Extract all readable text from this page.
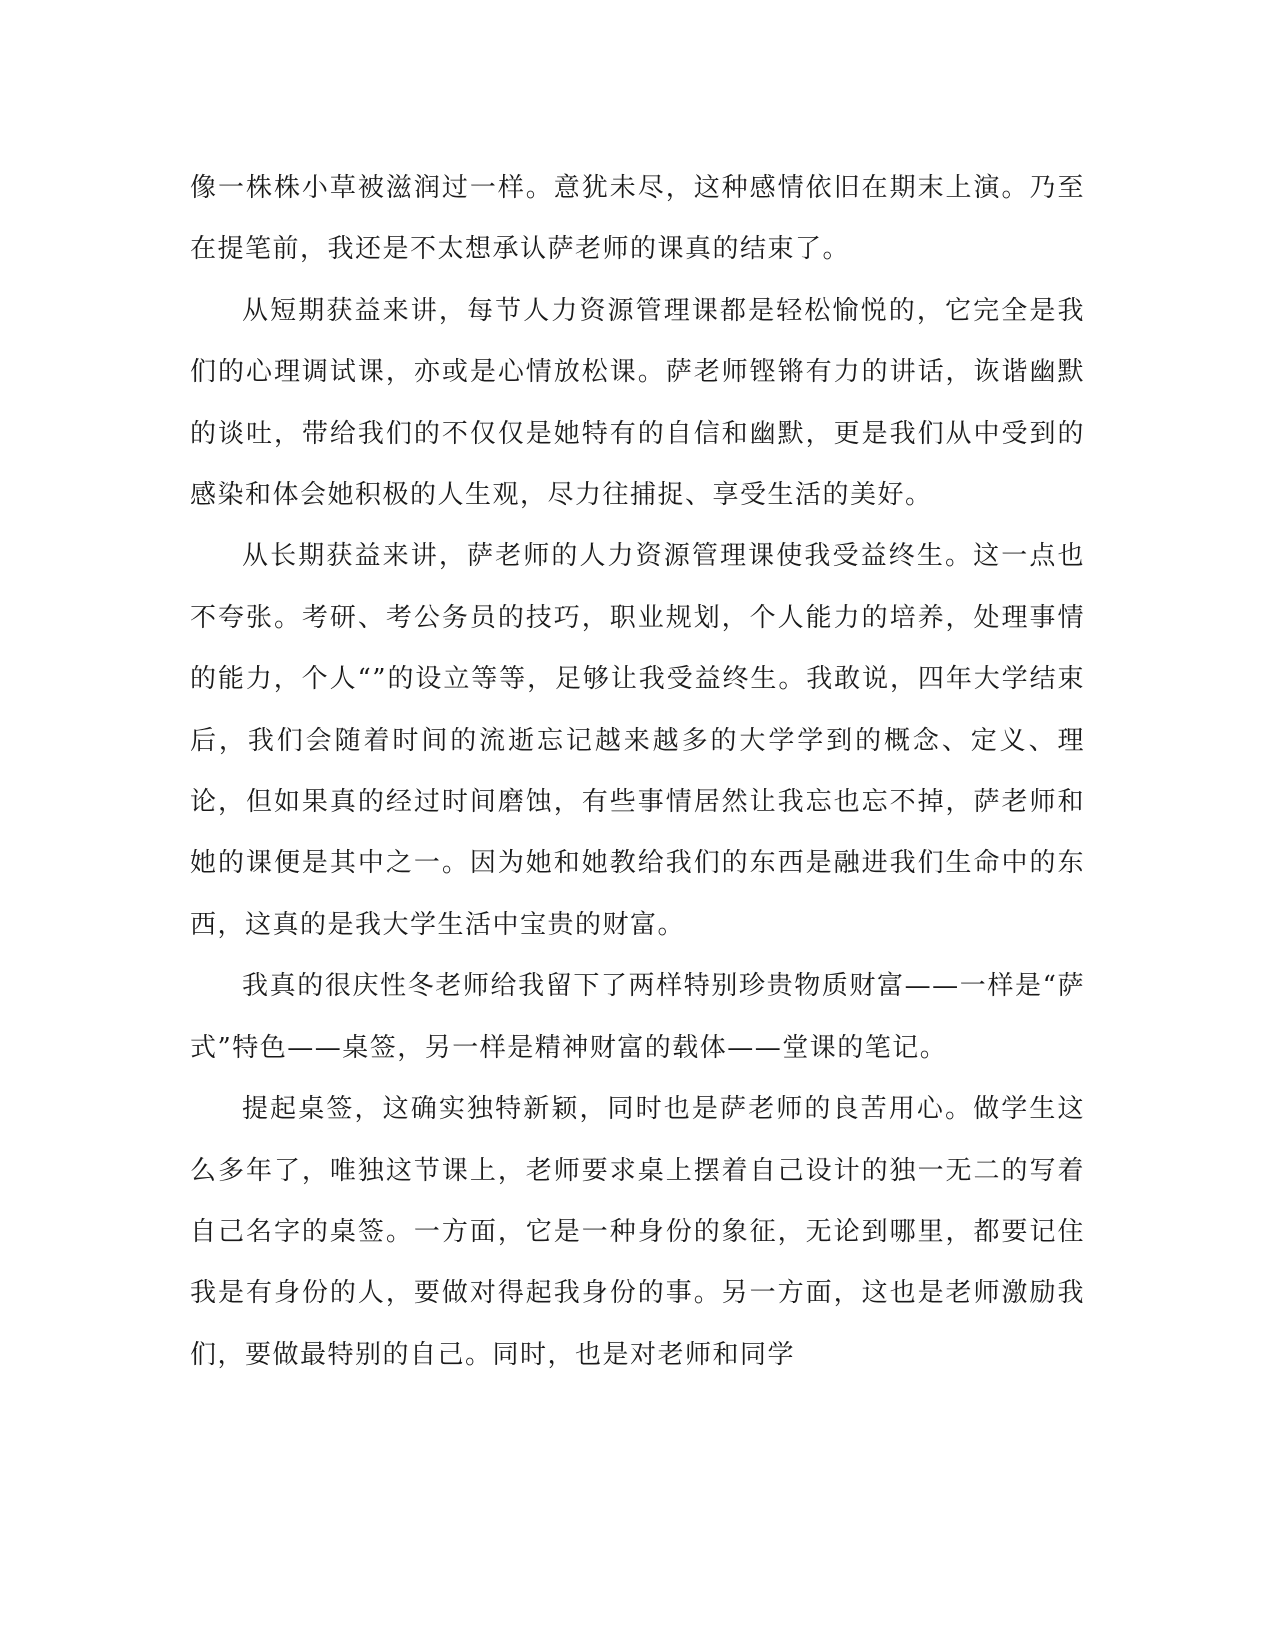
像一株株小草被滋润过一样。意犹未尽，这种感情依旧在期末上演。乃至在提笔前，我还是不太想承认萨老师的课真的结束了。

从短期获益来讲，每节人力资源管理课都是轻松愉悦的，它完全是我们的心理调试课，亦或是心情放松课。萨老师铿锵有力的讲话，诙谐幽默的谈吐，带给我们的不仅仅是她特有的自信和幽默，更是我们从中受到的感染和体会她积极的人生观，尽力往捕捉、享受生活的美好。

从长期获益来讲，萨老师的人力资源管理课使我受益终生。这一点也不夸张。考研、考公务员的技巧，职业规划，个人能力的培养，处理事情的能力，个人“”的设立等等，足够让我受益终生。我敢说，四年大学结束后，我们会随着时间的流逝忘记越来越多的大学学到的概念、定义、理论，但如果真的经过时间磨蚀，有些事情居然让我忘也忘不掉，萨老师和她的课便是其中之一。因为她和她教给我们的东西是融进我们生命中的东西，这真的是我大学生活中宝贵的财富。

我真的很庆性冬老师给我留下了两样特别珍贵物质财富——一样是“萨式”特色——桌签，另一样是精神财富的载体——堂课的笔记。

提起桌签，这确实独特新颖，同时也是萨老师的良苦用心。做学生这么多年了，唯独这节课上，老师要求桌上摆着自己设计的独一无二的写着自己名字的桌签。一方面，它是一种身份的象征，无论到哪里，都要记住我是有身份的人，要做对得起我身份的事。另一方面，这也是老师激励我们，要做最特别的自己。同时，也是对老师和同学
